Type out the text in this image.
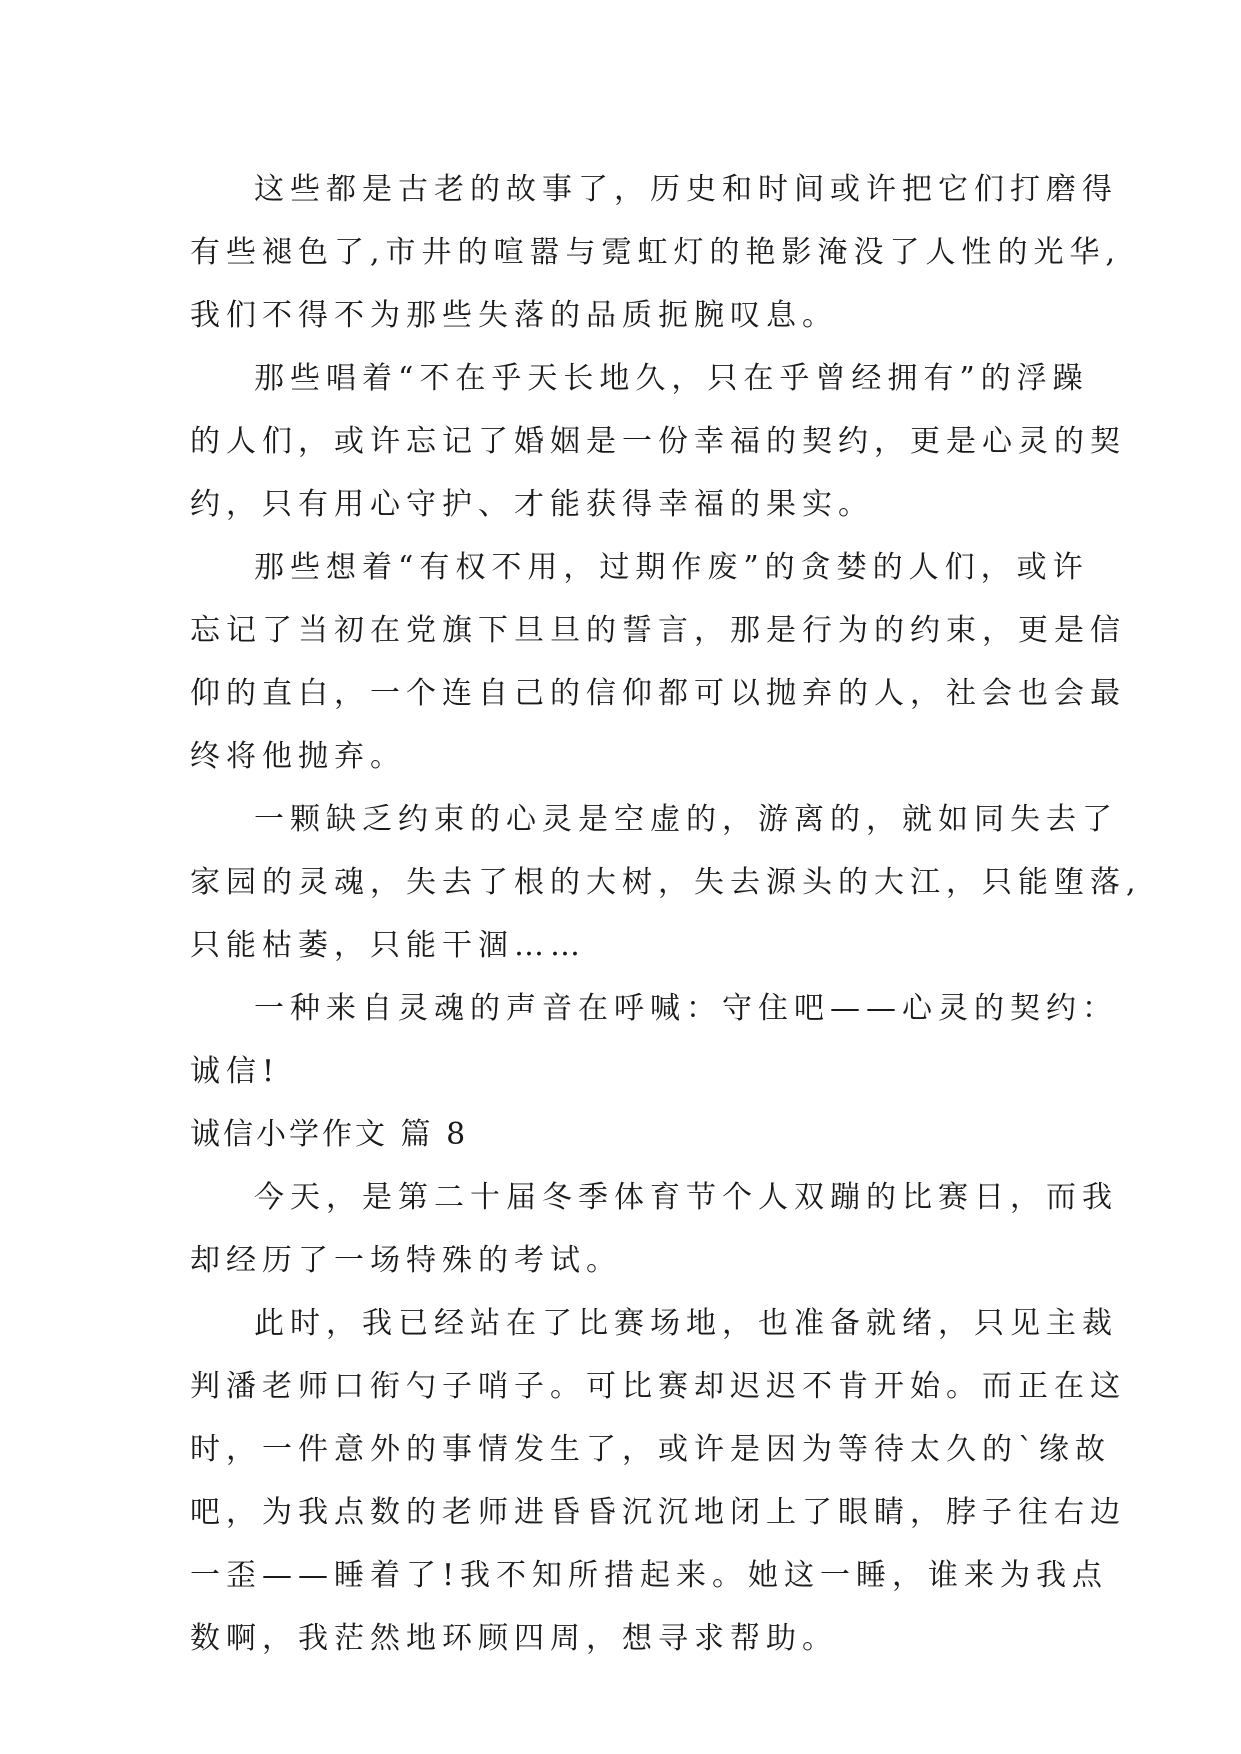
这些都是古老的故事了，历史和时间或许把它们打磨得
有些褪色了,市井的喧嚣与霓虹灯的艳影淹没了人性的光华,
我们不得不为那些失落的品质扼腕叹息。
那些唱着“不在乎天长地久，只在乎曾经拥有”的浮躁
的人们，或许忘记了婚姻是一份幸福的契约，更是心灵的契
约，只有用心守护、才能获得幸福的果实。
那些想着“有权不用，过期作废”的贪婪的人们，或许
忘记了当初在党旗下旦旦的誓言，那是行为的约束，更是信
仰的直白，一个连自己的信仰都可以抛弃的人，社会也会最
终将他抛弃。
一颗缺乏约束的心灵是空虚的，游离的，就如同失去了
家园的灵魂，失去了根的大树，失去源头的大江，只能堕落,
只能枯萎，只能干涸……
一种来自灵魂的声音在呼喊：守住吧——心灵的契约：
诚信!
诚信小学作文 篇 8
今天，是第二十届冬季体育节个人双蹦的比赛日，而我
却经历了一场特殊的考试。
此时，我已经站在了比赛场地，也准备就绪，只见主裁
判潘老师口衔勺子哨子。可比赛却迟迟不肯开始。而正在这
时，一件意外的事情发生了，或许是因为等待太久的`缘故
吧，为我点数的老师进昏昏沉沉地闭上了眼睛，脖子往右边
一歪——睡着了!我不知所措起来。她这一睡，谁来为我点
数啊，我茫然地环顾四周，想寻求帮助。
